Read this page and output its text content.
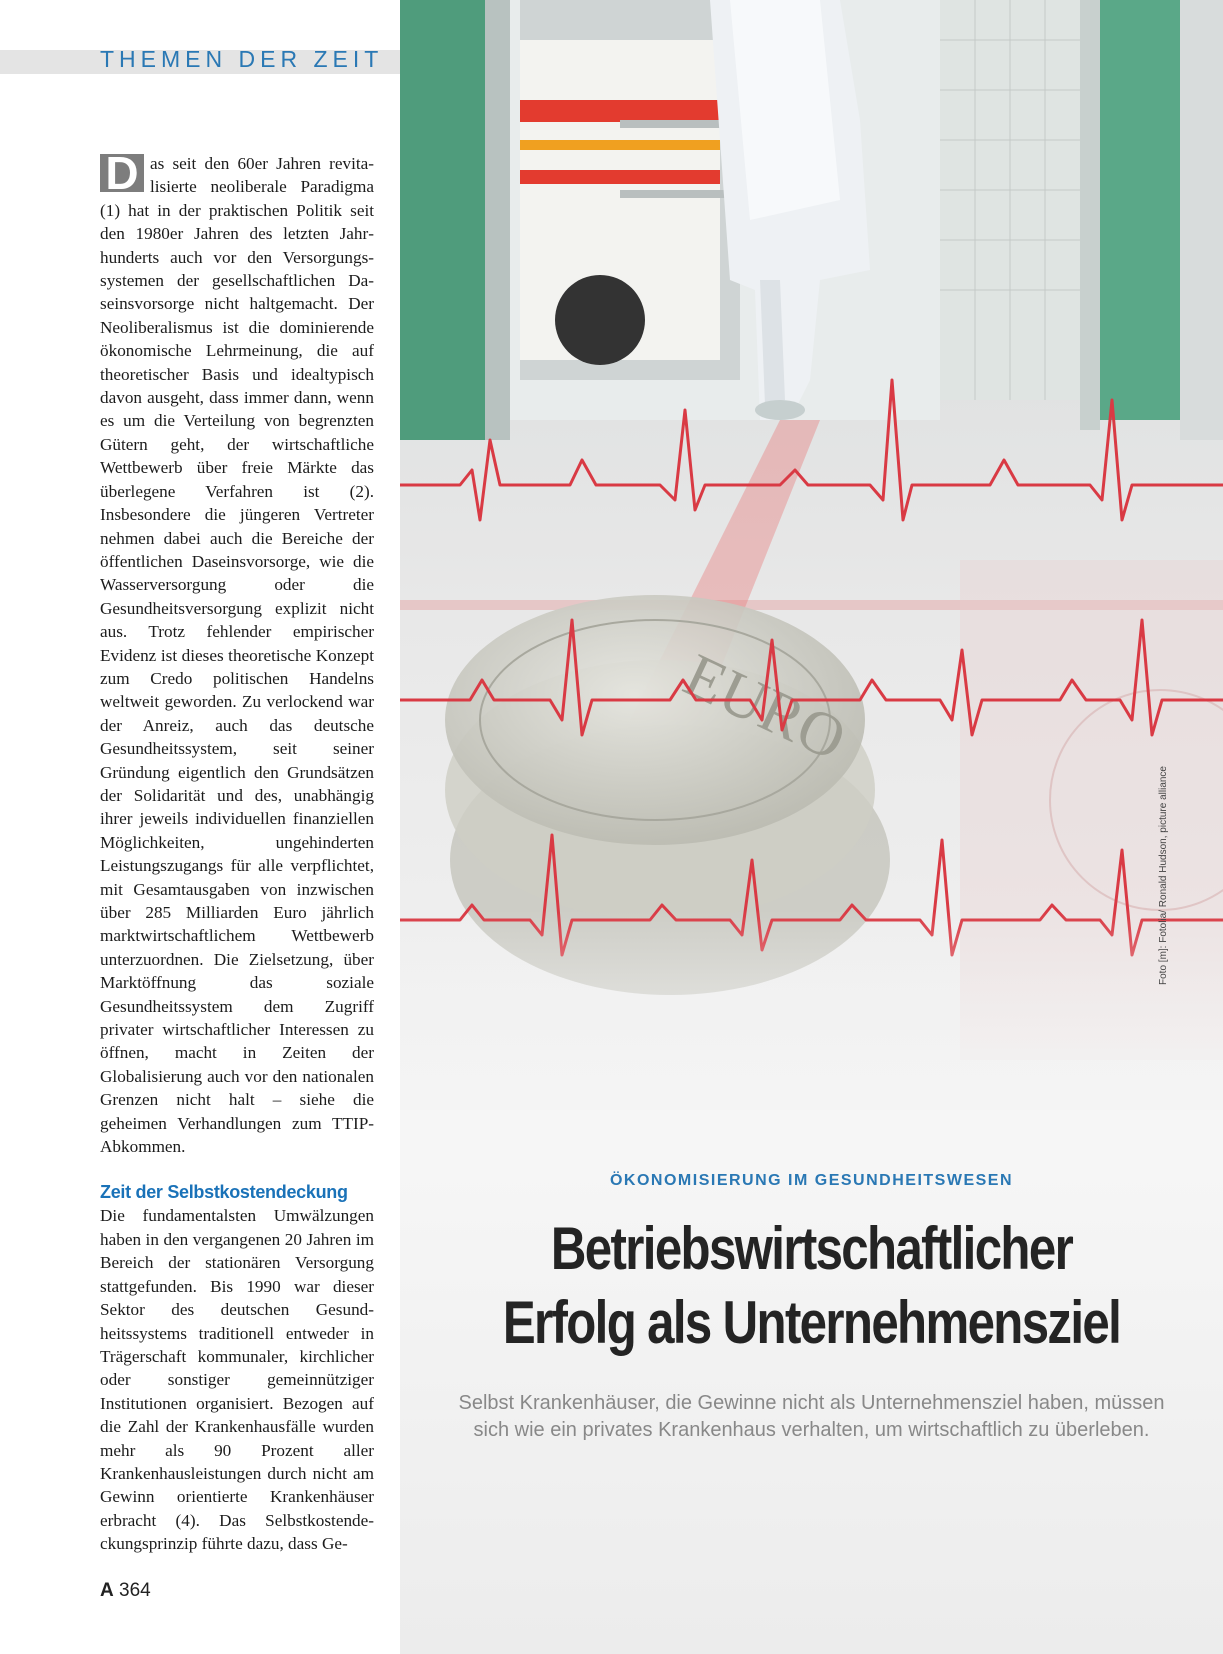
THEMEN DER ZEIT

D as seit den 60er Jahren revitalisierte neoliberale Paradigma (1) hat in der praktischen Politik seit den 1980er Jahren des letzten Jahrhunderts auch vor den Versorgungssystemen der gesellschaftlichen Daseinsvorsorge nicht haltgemacht. Der Neoliberalismus ist die dominierende ökonomische Lehrmeinung, die auf theoretischer Basis und idealtypisch davon ausgeht, dass immer dann, wenn es um die Verteilung von begrenzten Gütern geht, der wirtschaftliche Wettbewerb über freie Märkte das überlegene Verfahren ist (2). Insbesondere die jüngeren Vertreter nehmen dabei auch die Bereiche der öffentlichen Daseinsvorsorge, wie die Wasserversorgung oder die Gesundheitsversorgung explizit nicht aus. Trotz fehlender empirischer Evidenz ist dieses theoretische Konzept zum Credo politischen Handelns weltweit geworden. Zu verlockend war der Anreiz, auch das deutsche Gesundheitssystem, seit seiner Gründung eigentlich den Grundsätzen der Solidarität und des, unabhängig ihrer jeweils individuellen finanziellen Möglichkeiten, ungehinderten Leistungszugangs für alle verpflichtet, mit Gesamtausgaben von inzwischen über 285 Milliarden Euro jährlich marktwirtschaftlichem Wettbewerb unterzuordnen. Die Zielsetzung, über Marktöffnung das soziale Gesundheitssystem dem Zugriff privater wirtschaftlicher Interessen zu öffnen, macht in Zeiten der Globalisierung auch vor den nationalen Grenzen nicht halt – siehe die geheimen Verhandlungen zum TTIP-Abkommen.

Zeit der Selbstkostendeckung

Die fundamentalsten Umwälzungen haben in den vergangenen 20 Jahren im Bereich der stationären Versorgung stattgefunden. Bis 1990 war dieser Sektor des deutschen Gesundheitssystems traditionell entweder in Trägerschaft kommunaler, kirchlicher oder sonstiger gemeinnütziger Institutionen organisiert. Bezogen auf die Zahl der Krankenhausfälle wurden mehr als 90 Prozent aller Krankenhausleistungen durch nicht am Gewinn orientierte Krankenhäuser erbracht (4). Das Selbstkostendeckungsprinzip führte dazu, dass Ge-

A 364
Foto [m]: Fotolia/ Ronald Hudson, picture alliance
ÖKONOMISIERUNG IM GESUNDHEITSWESEN
Betriebswirtschaftlicher
Erfolg als Unternehmensziel
Selbst Krankenhäuser, die Gewinne nicht als Unternehmensziel haben, müssen sich wie ein privates Krankenhaus verhalten, um wirtschaftlich zu überleben.
